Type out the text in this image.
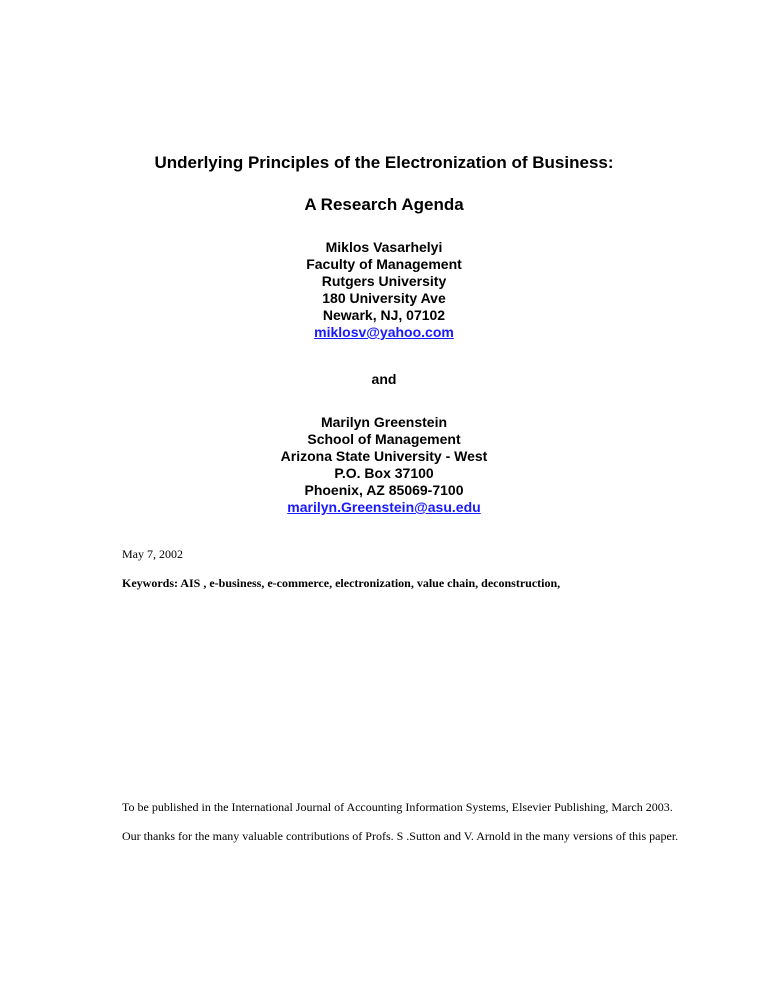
Underlying Principles of the Electronization of Business:
A Research Agenda
Miklos Vasarhelyi
Faculty of Management
Rutgers University
180 University Ave
Newark, NJ, 07102
miklosv@yahoo.com
and
Marilyn Greenstein
School of Management
Arizona State University - West
P.O. Box 37100
Phoenix, AZ 85069-7100
marilyn.Greenstein@asu.edu
May 7, 2002
Keywords: AIS , e-business, e-commerce, electronization, value chain, deconstruction,
To be published in the International Journal of Accounting Information Systems, Elsevier Publishing, March 2003.
Our thanks for the many valuable contributions of Profs. S .Sutton and V. Arnold in the many versions of this paper.
